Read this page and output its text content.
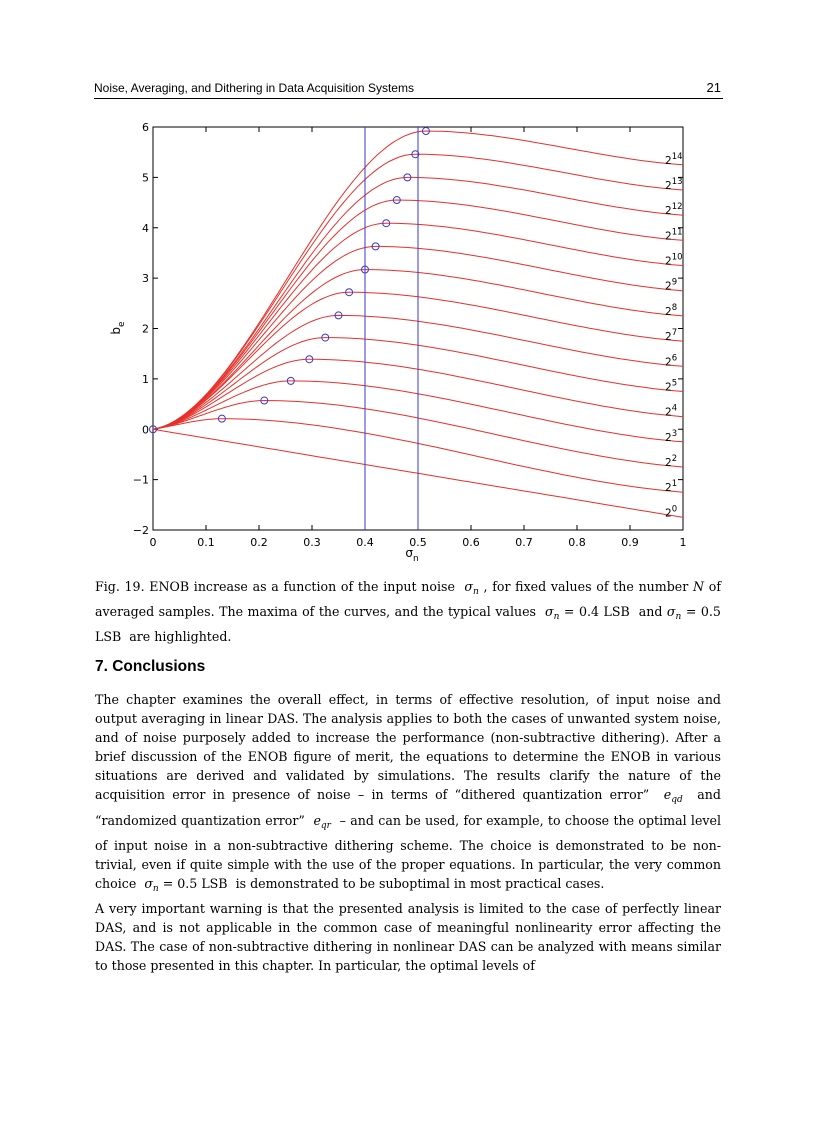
Noise, Averaging, and Dithering in Data Acquisition Systems	21
0	0.1	0.2	0.3	0.4	0.5	0.6	0.7	0.8	0.9	1
−2
−1
0
1
2
3
4
5
6
$2^0$
$2^1$
$2^2$
$2^3$
$2^4$
$2^5$
$2^6$
$2^7$
$2^8$
$2^9$
$2^{10}$
$2^{11}$
$2^{12}$
$2^{13}$
$2^{14}$
$\sigma_n$
$b_e$

Fig. 19. ENOB increase as a function of the input noise $\sigma_n$ , for fixed values of the number N of averaged samples. The maxima of the curves, and the typical values $\sigma_n = 0.4$ LSB and $\sigma_n = 0.5$ LSB are highlighted.

7. Conclusions

The chapter examines the overall effect, in terms of effective resolution, of input noise and output averaging in linear DAS. The analysis applies to both the cases of unwanted system noise, and of noise purposely added to increase the performance (non-subtractive dithering). After a brief discussion of the ENOB figure of merit, the equations to determine the ENOB in various situations are derived and validated by simulations. The results clarify the nature of the acquisition error in presence of noise – in terms of “dithered quantization error” $e_{qd}$ and “randomized quantization error” $e_{qr}$ – and can be used, for example, to choose the optimal level of input noise in a non-subtractive dithering scheme. The choice is demonstrated to be non-trivial, even if quite simple with the use of the proper equations. In particular, the very common choice $\sigma_n = 0.5$ LSB is demonstrated to be suboptimal in most practical cases.

A very important warning is that the presented analysis is limited to the case of perfectly linear DAS, and is not applicable in the common case of meaningful nonlinearity error affecting the DAS. The case of non-subtractive dithering in nonlinear DAS can be analyzed with means similar to those presented in this chapter. In particular, the optimal levels of
